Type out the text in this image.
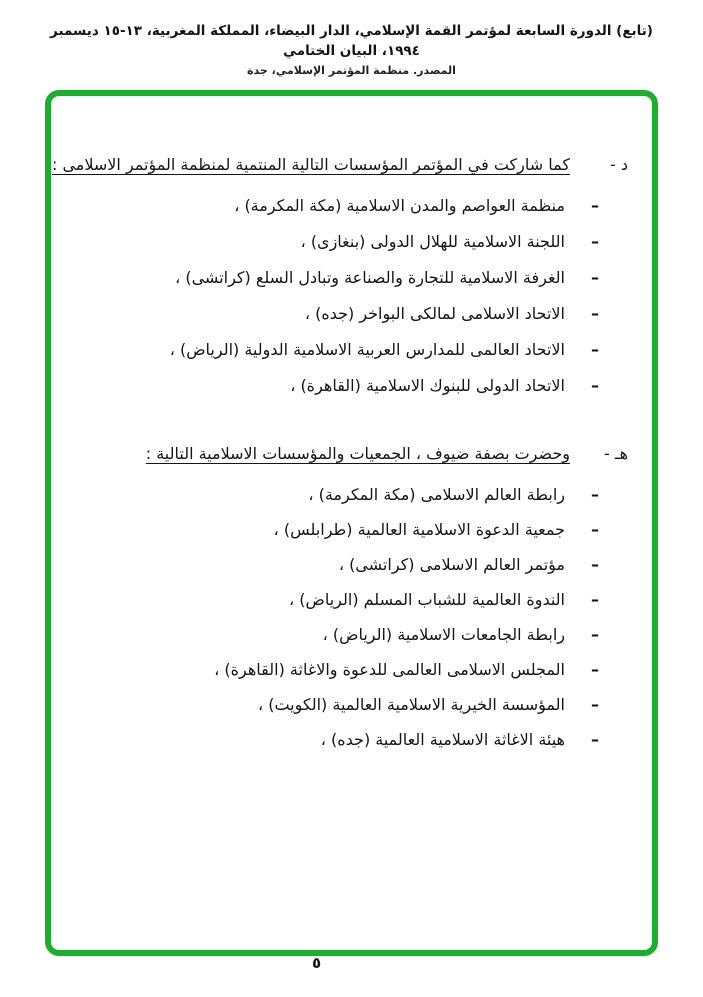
(تابع) الدورة السابعة لمؤتمر القمة الإسلامي، الدار البيضاء، المملكة المغربية، ١٣-١٥ ديسمبر ١٩٩٤، البيان الختامي
المصدر. منظمة المؤتمر الإسلامي، جدة
د -
كما شاركت في المؤتمر المؤسسات التالية المنتمية لمنظمة المؤتمر الاسلامى :
–
منظمة العواصم والمدن الاسلامية (مكة المكرمة) ،
–
اللجنة الاسلامية للهلال الدولى (بنغازى) ،
–
الغرفة الاسلامية للتجارة والصناعة وتبادل السلع (كراتشى) ،
–
الاتحاد الاسلامى لمالكى البواخر (جده) ،
–
الاتحاد العالمى للمدارس العربية الاسلامية الدولية (الرياض) ،
–
الاتحاد الدولى للبنوك الاسلامية (القاهرة) ،
هـ -
وحضرت بصفة ضيوف ، الجمعيات والمؤسسات الاسلامية التالية :
–
رابطة العالم الاسلامى (مكة المكرمة) ،
–
جمعية الدعوة الاسلامية العالمية (طرابلس) ،
–
مؤتمر العالم الاسلامى (كراتشى) ،
–
الندوة العالمية للشباب المسلم (الرياض) ،
–
رابطة الجامعات الاسلامية (الرياض) ،
–
المجلس الاسلامى العالمى للدعوة والاغاثة (القاهرة) ،
–
المؤسسة الخيرية الاسلامية العالمية (الكويت) ،
–
هيئة الاغاثة الاسلامية العالمية (جده) ،
٥
